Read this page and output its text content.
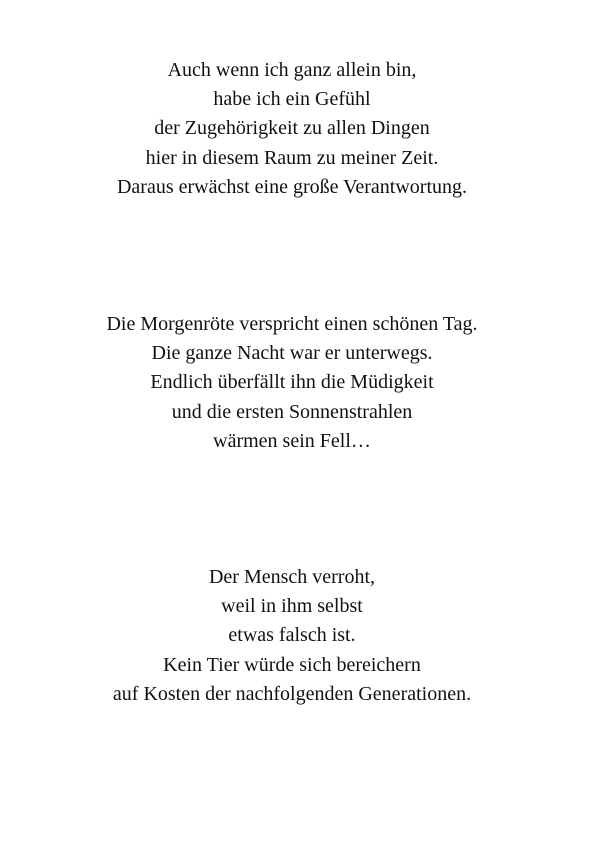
Auch wenn ich ganz allein bin,
habe ich ein Gefühl
der Zugehörigkeit zu allen Dingen
hier in diesem Raum zu meiner Zeit.
Daraus erwächst eine große Verantwortung.

Die Morgenröte verspricht einen schönen Tag.
Die ganze Nacht war er unterwegs.
Endlich überfällt ihn die Müdigkeit
und die ersten Sonnenstrahlen
wärmen sein Fell…

Der Mensch verroht,
weil in ihm selbst
etwas falsch ist.
Kein Tier würde sich bereichern
auf Kosten der nachfolgenden Generationen.
